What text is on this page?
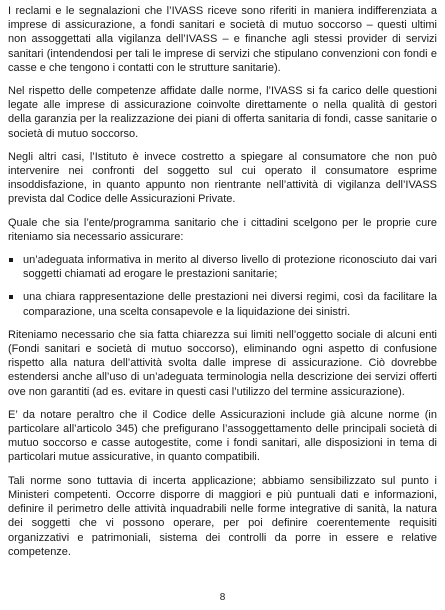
I reclami e le segnalazioni che l’IVASS riceve sono riferiti in maniera indifferenziata a imprese di assicurazione, a fondi sanitari e società di mutuo soccorso – questi ultimi non assoggettati alla vigilanza dell’IVASS – e finanche agli stessi provider di servizi sanitari (intendendosi per tali le imprese di servizi che stipulano convenzioni con fondi e casse e che tengono i contatti con le strutture sanitarie).

Nel rispetto delle competenze affidate dalle norme, l’IVASS si fa carico delle questioni legate alle imprese di assicurazione coinvolte direttamente o nella qualità di gestori della garanzia per la realizzazione dei piani di offerta sanitaria di fondi, casse sanitarie o società di mutuo soccorso.

Negli altri casi, l’Istituto è invece costretto a spiegare al consumatore che non può intervenire nei confronti del soggetto sul cui operato il consumatore esprime insoddisfazione, in quanto appunto non rientrante nell’attività di vigilanza dell’IVASS prevista dal Codice delle Assicurazioni Private.

Quale che sia l’ente/programma sanitario che i cittadini scelgono per le proprie cure riteniamo sia necessario assicurare:

un’adeguata informativa in merito al diverso livello di protezione riconosciuto dai vari soggetti chiamati ad erogare le prestazioni sanitarie;
una chiara rappresentazione delle prestazioni nei diversi regimi, così da facilitare la comparazione, una scelta consapevole e la liquidazione dei sinistri.

Riteniamo necessario che sia fatta chiarezza sui limiti nell’oggetto sociale di alcuni enti (Fondi sanitari e società di mutuo soccorso), eliminando ogni aspetto di confusione rispetto alla natura dell’attività svolta dalle imprese di assicurazione. Ciò dovrebbe estendersi anche all’uso di un’adeguata terminologia nella descrizione dei servizi offerti ove non garantiti (ad es. evitare in questi casi l’utilizzo del termine assicurazione).

E’ da notare peraltro che il Codice delle Assicurazioni include già alcune norme (in particolare all’articolo 345) che prefigurano l’assoggettamento delle principali società di mutuo soccorso e casse autogestite, come i fondi sanitari, alle disposizioni in tema di particolari mutue assicurative, in quanto compatibili.

Tali norme sono tuttavia di incerta applicazione; abbiamo sensibilizzato sul punto i Ministeri competenti. Occorre disporre di maggiori e più puntuali dati e informazioni, definire il perimetro delle attività inquadrabili nelle forme integrative di sanità, la natura dei soggetti che vi possono operare, per poi definire coerentemente requisiti organizzativi e patrimoniali, sistema dei controlli da porre in essere e relative competenze.

8
